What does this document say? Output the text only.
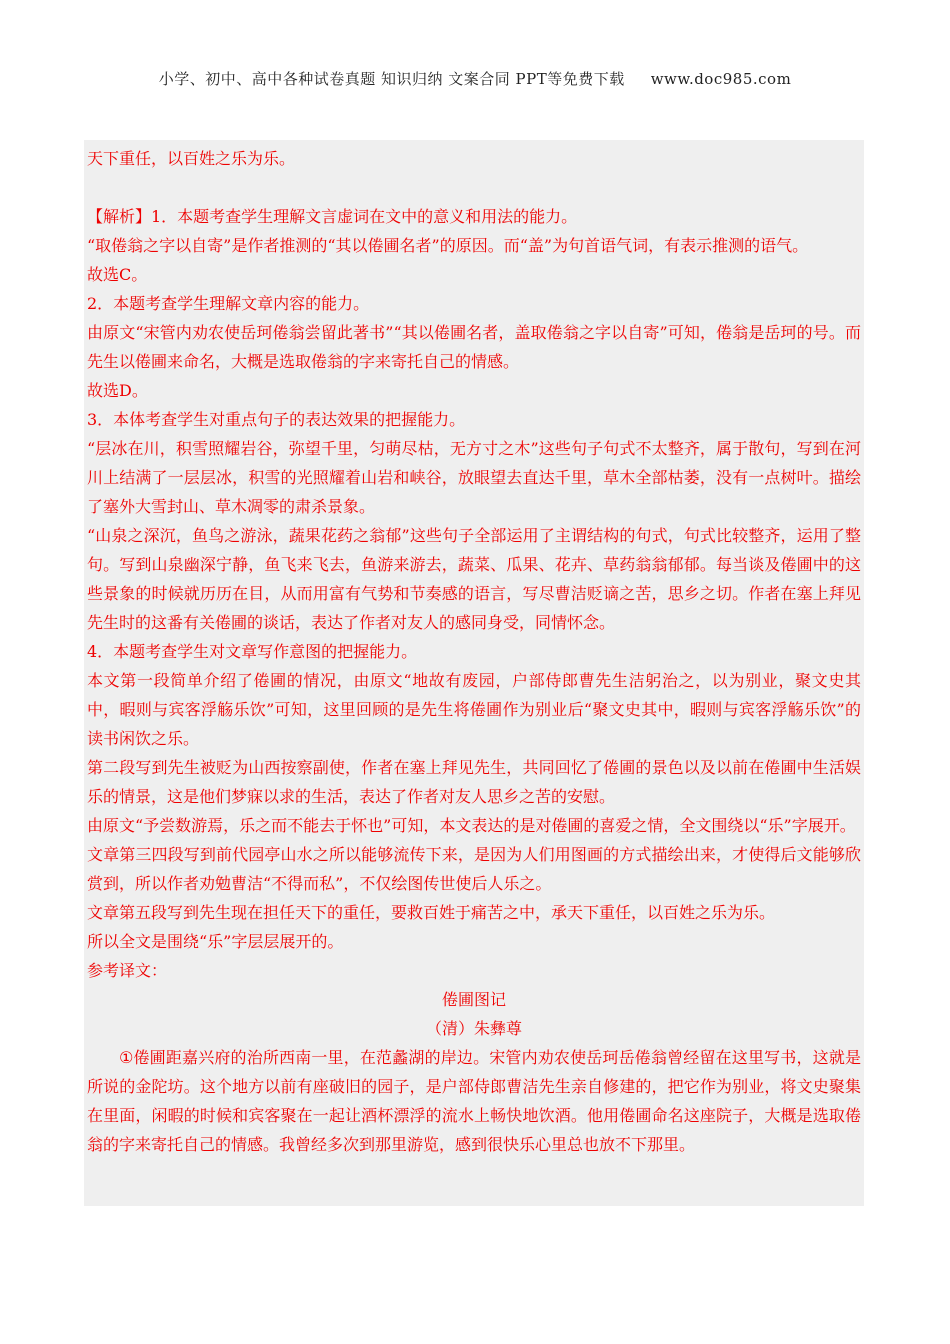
小学、初中、高中各种试卷真题 知识归纳 文案合同 PPT等免费下载 www.doc985.com

天下重任，以百姓之乐为乐。

【解析】1．本题考查学生理解文言虚词在文中的意义和用法的能力。

“取倦翁之字以自寄”是作者推测的“其以倦圃名者”的原因。而“盖”为句首语气词，有表示推测的语气。

故选C。

2．本题考查学生理解文章内容的能力。

由原文“宋管内劝农使岳珂倦翁尝留此著书”“其以倦圃名者，盖取倦翁之字以自寄”可知，倦翁是岳珂的号。而先生以倦圃来命名，大概是选取倦翁的字来寄托自己的情感。

故选D。

3．本体考查学生对重点句子的表达效果的把握能力。

“层冰在川，积雪照耀岩谷，弥望千里，匀萌尽枯，无方寸之木”这些句子句式不太整齐，属于散句，写到在河川上结满了一层层冰，积雪的光照耀着山岩和峡谷，放眼望去直达千里，草木全部枯萎，没有一点树叶。描绘了塞外大雪封山、草木凋零的肃杀景象。

“山泉之深沉，鱼鸟之游泳，蔬果花药之翁郁”这些句子全部运用了主谓结构的句式，句式比较整齐，运用了整句。写到山泉幽深宁静，鱼飞来飞去，鱼游来游去，蔬菜、瓜果、花卉、草药翁翁郁郁。每当谈及倦圃中的这些景象的时候就历历在目，从而用富有气势和节奏感的语言，写尽曹洁贬谪之苦，思乡之切。作者在塞上拜见先生时的这番有关倦圃的谈话，表达了作者对友人的感同身受，同情怀念。

4．本题考查学生对文章写作意图的把握能力。

本文第一段简单介绍了倦圃的情况，由原文“地故有废园，户部侍郎曹先生洁躬治之，以为别业，聚文史其中，暇则与宾客浮觞乐饮”可知，这里回顾的是先生将倦圃作为别业后“聚文史其中，暇则与宾客浮觞乐饮”的读书闲饮之乐。

第二段写到先生被贬为山西按察副使，作者在塞上拜见先生，共同回忆了倦圃的景色以及以前在倦圃中生活娱乐的情景，这是他们梦寐以求的生活，表达了作者对友人思乡之苦的安慰。

由原文“予尝数游焉，乐之而不能去于怀也”可知，本文表达的是对倦圃的喜爱之情，全文围绕以“乐”字展开。

文章第三四段写到前代园亭山水之所以能够流传下来，是因为人们用图画的方式描绘出来，才使得后文能够欣赏到，所以作者劝勉曹洁“不得而私”，不仅绘图传世使后人乐之。

文章第五段写到先生现在担任天下的重任，要救百姓于痛苦之中，承天下重任，以百姓之乐为乐。

所以全文是围绕“乐”字层层展开的。

参考译文：

倦圃图记

（清）朱彝尊

①倦圃距嘉兴府的治所西南一里，在范蠡湖的岸边。宋管内劝农使岳珂岳倦翁曾经留在这里写书，这就是所说的金陀坊。这个地方以前有座破旧的园子，是户部侍郎曹洁先生亲自修建的，把它作为别业，将文史聚集在里面，闲暇的时候和宾客聚在一起让酒杯漂浮的流水上畅快地饮酒。他用倦圃命名这座院子，大概是选取倦翁的字来寄托自己的情感。我曾经多次到那里游览，感到很快乐心里总也放不下那里。
